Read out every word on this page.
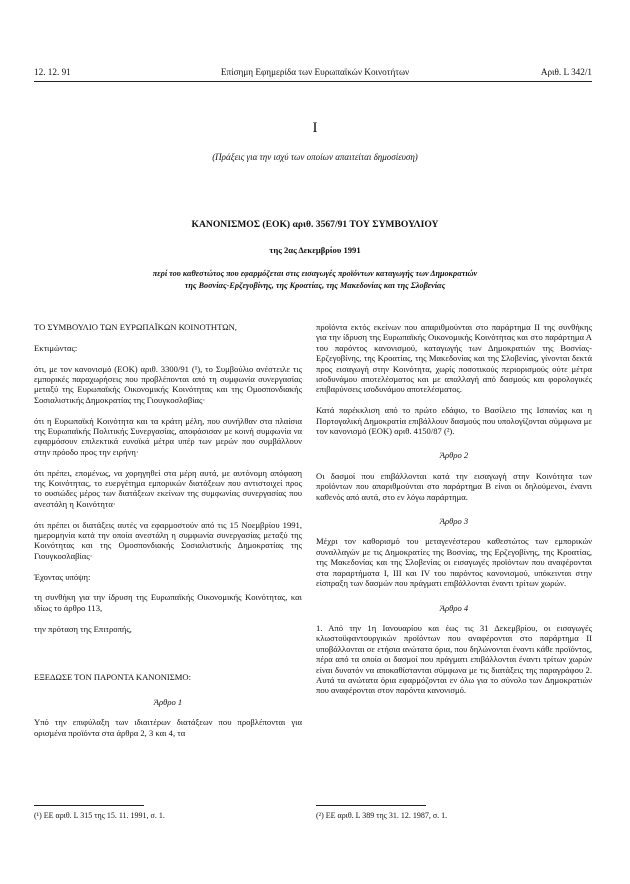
12. 12. 91	Επίσημη Εφημερίδα των Ευρωπαϊκών Κοινοτήτων	Αριθ. L 342/1
I
(Πράξεις για την ισχύ των οποίων απαιτείται δημοσίευση)
ΚΑΝΟΝΙΣΜΟΣ (ΕΟΚ) αριθ. 3567/91 ΤΟΥ ΣΥΜΒΟΥΛΙΟΥ
της 2ας Δεκεμβρίου 1991
περί του καθεστώτος που εφαρμόζεται στις εισαγωγές προϊόντων καταγωγής των Δημοκρατιών
της Βοσνίας-Ερζεγοβίνης, της Κροατίας, της Μακεδονίας και της Σλοβενίας

ΤΟ ΣΥΜΒΟΥΛΙΟ ΤΩΝ ΕΥΡΩΠΑΪΚΩΝ ΚΟΙΝΟΤΗΤΩΝ,

Εκτιμώντας:

ότι, με τον κανονισμό (ΕΟΚ) αριθ. 3300/91 (¹), το Συμβούλιο ανέστειλε τις εμπορικές παραχωρήσεις που προβλέπονται από τη συμφωνία συνεργασίας μεταξύ της Ευρωπαϊκής Οικονομικής Κοινότητας και της Ομοσπονδιακής Σοσιαλιστικής Δημοκρατίας της Γιουγκοσλαβίας·

ότι η Ευρωπαϊκή Κοινότητα και τα κράτη μέλη, που συνήλθαν στα πλαίσια της Ευρωπαϊκής Πολιτικής Συνεργασίας, αποφάσισαν με κοινή συμφωνία να εφαρμόσουν επιλεκτικά ευνοϊκά μέτρα υπέρ των μερών που συμβάλλουν στην πρόοδο προς την ειρήνη·

ότι πρέπει, επομένως, να χορηγηθεί στα μέρη αυτά, με αυτόνομη απόφαση της Κοινότητας, το ευεργέτημα εμπορικών διατάξεων που αντιστοιχεί προς το ουσιώδες μέρος των διατάξεων εκείνων της συμφωνίας συνεργασίας που ανεστάλη η Κοινότητα·

ότι πρέπει οι διατάξεις αυτές να εφαρμοστούν από τις 15 Νοεμβρίου 1991, ημερομηνία κατά την οποία ανεστάλη η συμφωνία συνεργασίας μεταξύ της Κοινότητας και της Ομοσπονδιακής Σοσιαλιστικής Δημοκρατίας της Γιουγκοσλαβίας·

Έχοντας υπόψη:

τη συνθήκη για την ίδρυση της Ευρωπαϊκής Οικονομικής Κοινότητας, και ιδίως το άρθρο 113,

την πρόταση της Επιτροπής,

ΕΞΕΔΩΣΕ ΤΟΝ ΠΑΡΟΝΤΑ ΚΑΝΟΝΙΣΜΟ:

Άρθρο 1

Υπό την επιφύλαξη των ιδιαιτέρων διατάξεων που προβλέπονται για ορισμένα προϊόντα στα άρθρα 2, 3 και 4, τα

(¹) ΕΕ αριθ. L 315 της 15. 11. 1991, σ. 1.

προϊόντα εκτός εκείνων που απαριθμούνται στο παράρτημα ΙΙ της συνθήκης για την ίδρυση της Ευρωπαϊκής Οικονομικής Κοινότητας και στο παράρτημα Α του παρόντος κανονισμού, καταγωγής των Δημοκρατιών της Βοσνίας-Ερζεγοβίνης, της Κροατίας, της Μακεδονίας και της Σλοβενίας, γίνονται δεκτά προς εισαγωγή στην Κοινότητα, χωρίς ποσοτικούς περιορισμούς ούτε μέτρα ισοδυνάμου αποτελέσματος και με απαλλαγή από δασμούς και φορολογικές επιβαρύνσεις ισοδυνάμου αποτελέσματος.

Κατά παρέκκλιση από το πρώτο εδάφιο, το Βασίλειο της Ισπανίας και η Πορτογαλική Δημοκρατία επιβάλλουν δασμούς που υπολογίζονται σύμφωνα με τον κανονισμό (ΕΟΚ) αριθ. 4150/87 (²).

Άρθρο 2

Οι δασμοί που επιβάλλονται κατά την εισαγωγή στην Κοινότητα των προϊόντων που απαριθμούνται στο παράρτημα Β είναι οι δηλούμενοι, έναντι καθενός από αυτά, στο εν λόγω παράρτημα.

Άρθρο 3

Μέχρι τον καθορισμό του μεταγενέστερου καθεστώτος των εμπορικών συναλλαγών με τις Δημοκρατίες της Βοσνίας, της Ερζεγοβίνης, της Κροατίας, της Μακεδονίας και της Σλοβενίας οι εισαγωγές προϊόντων που αναφέρονται στα παραρτήματα Ι, ΙΙΙ και IV του παρόντος κανονισμού, υπόκεινται στην είσπραξη των δασμών που πράγματι επιβάλλονται έναντι τρίτων χωρών.

Άρθρο 4

1. Από την 1η Ιανουαρίου και έως τις 31 Δεκεμβρίου, οι εισαγωγές κλωστοϋφαντουργικών προϊόντων που αναφέρονται στο παράρτημα ΙΙ υποβάλλονται σε ετήσια ανώτατα όρια, που δηλώνονται έναντι κάθε προϊόντος, πέρα από τα οποία οι δασμοί που πράγματι επιβάλλονται έναντι τρίτων χωρών είναι δυνατόν να αποκαθίστανται σύμφωνα με τις διατάξεις της παραγράφου 2. Αυτά τα ανώτατα όρια εφαρμόζονται εν όλω για το σύνολο των Δημοκρατιών που αναφέρονται στον παρόντα κανονισμό.

(²) ΕΕ αριθ. L 389 της 31. 12. 1987, σ. 1.
